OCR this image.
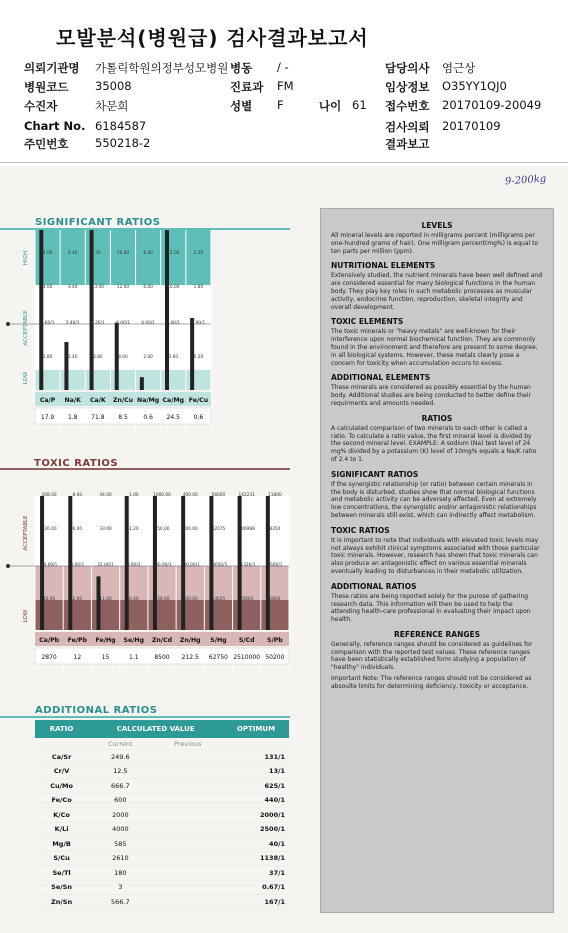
모발분석(병원급) 검사결과보고서
의뢰기관명 가톨릭학원의정부성모병원 병동 / -	담당의사 염근상
병원코드 35008	진료과 FM	임상정보 O35YY1QJ0
수진자	차문희	성별 F	나이 61 접수번호 20170109-20049
Chart No. 6184587	검사의뢰 20170109
주민번호 550218-2	결과보고
9-200kg
SIGNIFICANT RATIOS
HIGH
ACCEPTABLE
LOW
4.00	4.40	20	16.00	8.00	15.00	2.30
3.00	3.40	13.00	12.00	6.00	10.00	1.80
2.60/1	2.40/1	4.20/1	8.00/1	4.00/1	7.00/1	0.90/1
1.80	1.40	2.80	4.00	2.00	3.60	0.20
Ca/P Na/K Ca/K Zn/Cu Na/Mg Ca/Mg Fe/Cu
17.9 1.8 71.8 8.5	0.6 24.5 0.6
TOXIC RATIOS
ACCEPTABLE
LOW
168.00	8.00	44.00	1.00	1000.00	400.00	56000	142231	11800
126.00	6.00	33.00	1.20	750.00	300.00	42075	106988	8350
84.00/1	4.00/1	22.00/1	0.80/1	500.00/1 200.00/1 28050/1 71326/1	5600/1
42.00	2.00	11.00	0.40	250.00	100.00	14025	35663	2800
Ca/Pb Fe/Pb Fe/Hg Se/Hg Zn/Cd Zn/Hg S/Hg S/Cd S/Pb
2870	12	15	1.1	8500 212.5 62750 2510000 50200
ADDITIONAL RATIOS
RATIO	CALCULATED VALUE		OPTIMUM
	Current	Previous	
Ca/Sr	249.6		131/1
Cr/V	12.5		13/1
Cu/Mo	666.7		625/1
Fe/Co	600		440/1
K/Co	2000		2000/1
K/Li	4000		2500/1
Mg/B	585		40/1
S/Cu	2610		1138/1
Se/Tl	180		37/1
Se/Sn	3		0.67/1
Zn/Sn	566.7		167/1
LEVELS

All mineral levels are reported in milligrams percent (milligrams per one-hundred grams of hair). One milligram percent(mg%) is equal to ten parts per million (ppm).

NUTRITIONAL ELEMENTS

Extensively studied, the nutrient minerals have been well defined and are considered essential for many biological functions in the human body. They play key roles in such metabolic processes as muscular activity, endocrine function, reproduction, skeletal integrity and overall development.

TOXIC ELEMENTS

The toxic minerals or "heavy metals" are well-known for their interference upon normal biochemical function. They are commonly found in the environment and therefore are present to some degree, in all biological systems. However, these metals clearly pose a concern for toxicity when accumulation occurs to excess.

ADDITIONAL ELEMENTS

These minerals are considered as possibly essential by the human body. Additional studies are being conducted to better define their requirments and amounts needed.

RATIOS

A calculated comparison of two minerals to each other is called a ratio. To calculate a ratio value, the first mineral level is divided by the second mineral level. EXAMPLE: A sodium (Na) test level of 24 mg% divided by a potassium (K) level of 10mg% equals a Na/K ratio of 2.4 to 1.

SIGNIFICANT RATIOS

If the synergistic relationship (or ratio) between certain minerals in the body is disturbed, studies show that normal biological functions and metabolic activity can be adversely affected. Even at extremely low concentrations, the synergistic and/or antagonistic relationships between minerals still exist, which can indirectly affect metabolism.

TOXIC RATIOS

It is important to note that individuals with elevated toxic levels may not always exhibit clinical symptoms associated with those particular toxic minerals. However, research has shown that toxic minerals can also produce an antagonistic effect on various essential minerals eventually leading to disturbances in their metabolic utilization.

ADDITIONAL RATIOS

These ratios are being reported solely for the purose of gathering research data. This information will then be used to help the attending health-care professional in evaluating their impact upon health.

REFERENCE RANGES

Generally, reference ranges should be considered as guidelines for comparison with the reported test values. These reference ranges have been statistically established form studying a population of "healthy" individuals.

Important Note: The reference ranges should not be considered as absoulte limits for determining deficiency, toxicity or acceptance.
